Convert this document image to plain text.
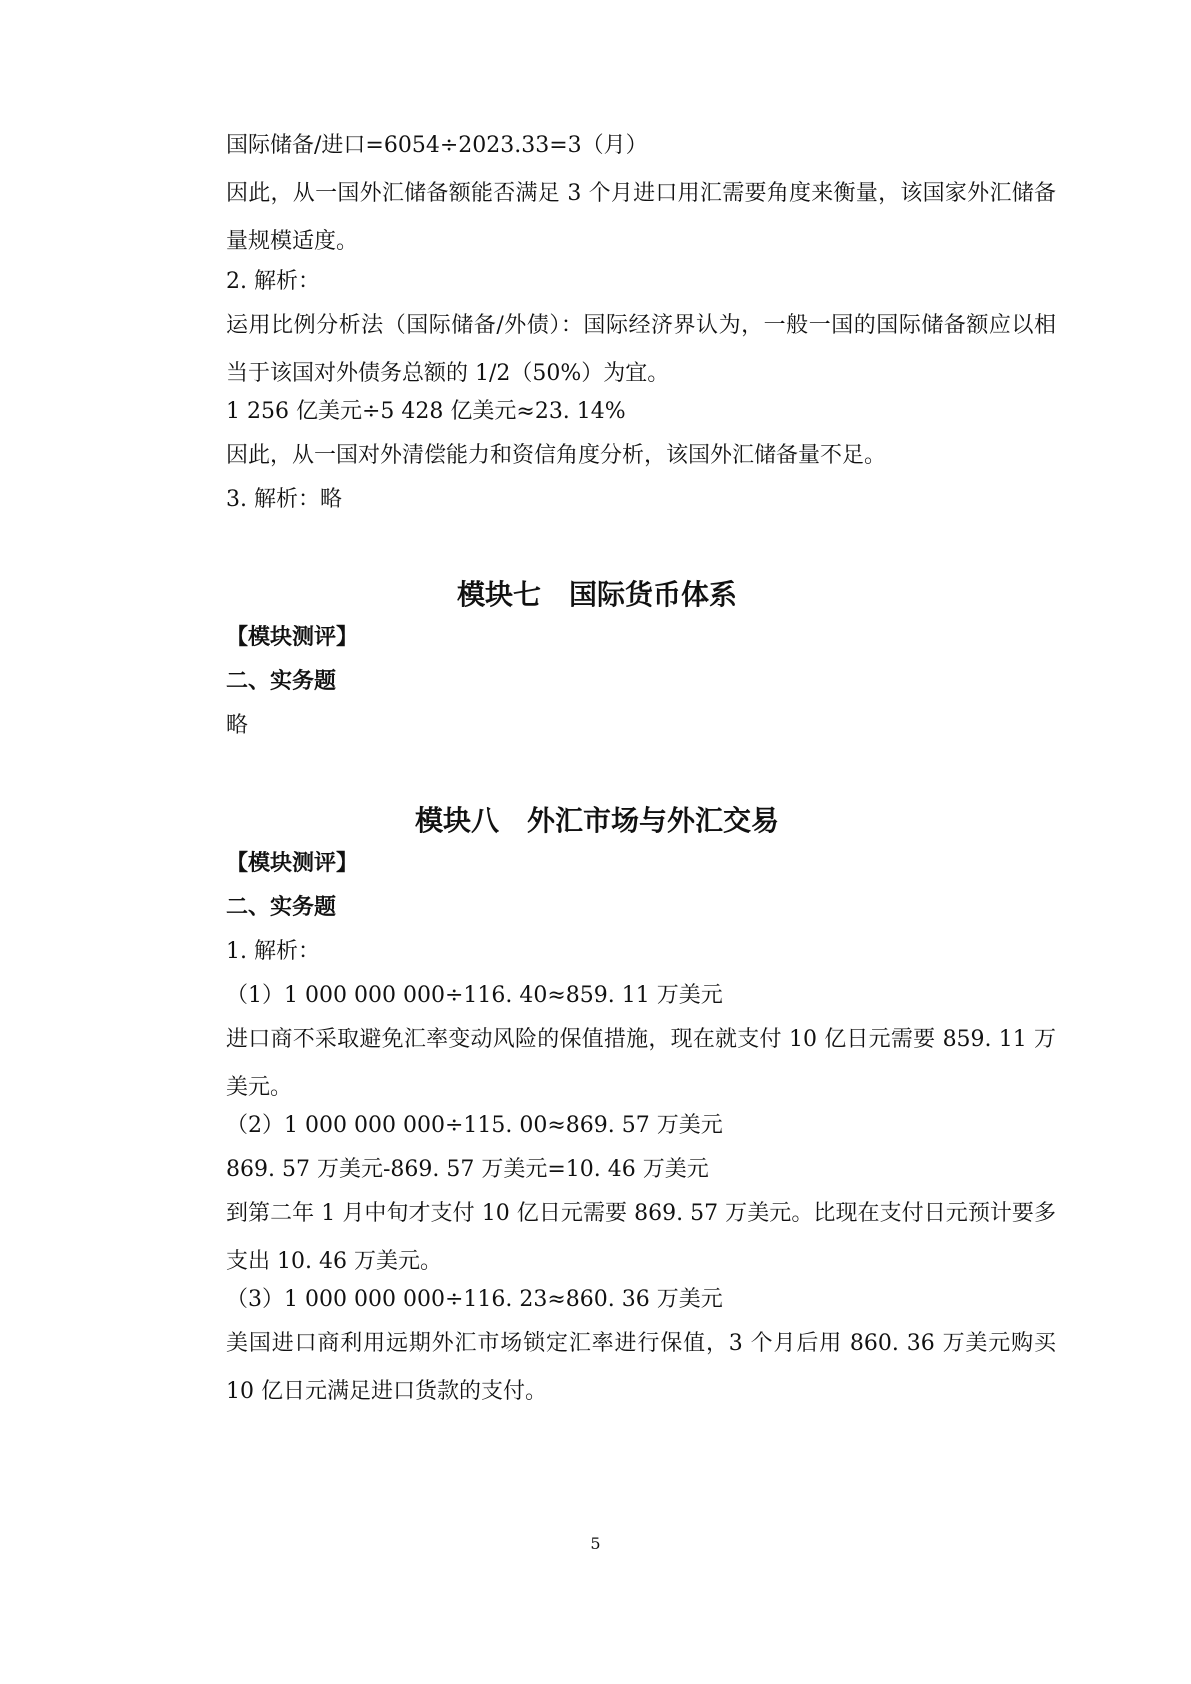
国际储备/进口=6054÷2023.33=3（月）

因此，从一国外汇储备额能否满足 3 个月进口用汇需要角度来衡量，该国家外汇储备量规模适度。

2. 解析：

运用比例分析法（国际储备/外债）：国际经济界认为，一般一国的国际储备额应以相当于该国对外债务总额的 1/2（50%）为宜。

1 256 亿美元÷5 428 亿美元≈23. 14%

因此，从一国对外清偿能力和资信角度分析，该国外汇储备量不足。

3. 解析：略

模块七　国际货币体系

【模块测评】

二、实务题

略

模块八　外汇市场与外汇交易

【模块测评】

二、实务题

1. 解析：

（1）1 000 000 000÷116. 40≈859. 11 万美元

进口商不采取避免汇率变动风险的保值措施，现在就支付 10 亿日元需要 859. 11 万美元。

（2）1 000 000 000÷115. 00≈869. 57 万美元

869. 57 万美元-869. 57 万美元=10. 46 万美元

到第二年 1 月中旬才支付 10 亿日元需要 869. 57 万美元。比现在支付日元预计要多支出 10. 46 万美元。

（3）1 000 000 000÷116. 23≈860. 36 万美元

美国进口商利用远期外汇市场锁定汇率进行保值，3 个月后用 860. 36 万美元购买 10 亿日元满足进口货款的支付。

5
